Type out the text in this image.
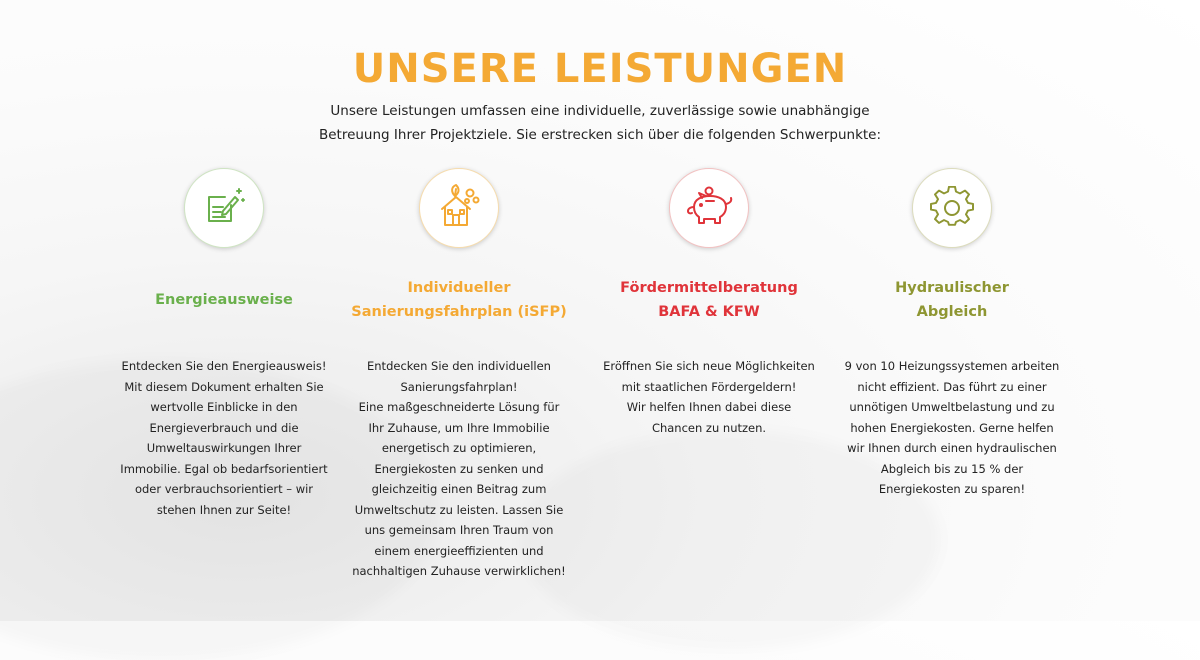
UNSERE LEISTUNGEN

Unsere Leistungen umfassen eine individuelle, zuverlässige sowie unabhängige Betreuung Ihrer Projektziele. Sie erstrecken sich über die folgenden Schwerpunkte:

Energieausweise
Entdecken Sie den Energieausweis!
Mit diesem Dokument erhalten Sie
wertvolle Einblicke in den
Energieverbrauch und die
Umweltauswirkungen Ihrer
Immobilie. Egal ob bedarfsorientiert
oder verbrauchsorientiert – wir
stehen Ihnen zur Seite!
Individueller
Sanierungsfahrplan (iSFP)
Entdecken Sie den individuellen
Sanierungsfahrplan!
Eine maßgeschneiderte Lösung für
Ihr Zuhause, um Ihre Immobilie
energetisch zu optimieren,
Energiekosten zu senken und
gleichzeitig einen Beitrag zum
Umweltschutz zu leisten. Lassen Sie
uns gemeinsam Ihren Traum von
einem energieeffizienten und
nachhaltigen Zuhause verwirklichen!
Fördermittelberatung
BAFA & KFW
Eröffnen Sie sich neue Möglichkeiten
mit staatlichen Fördergeldern!
Wir helfen Ihnen dabei diese
Chancen zu nutzen.
Hydraulischer
Abgleich
9 von 10 Heizungssystemen arbeiten
nicht effizient. Das führt zu einer
unnötigen Umweltbelastung und zu
hohen Energiekosten. Gerne helfen
wir Ihnen durch einen hydraulischen
Abgleich bis zu 15 % der
Energiekosten zu sparen!
